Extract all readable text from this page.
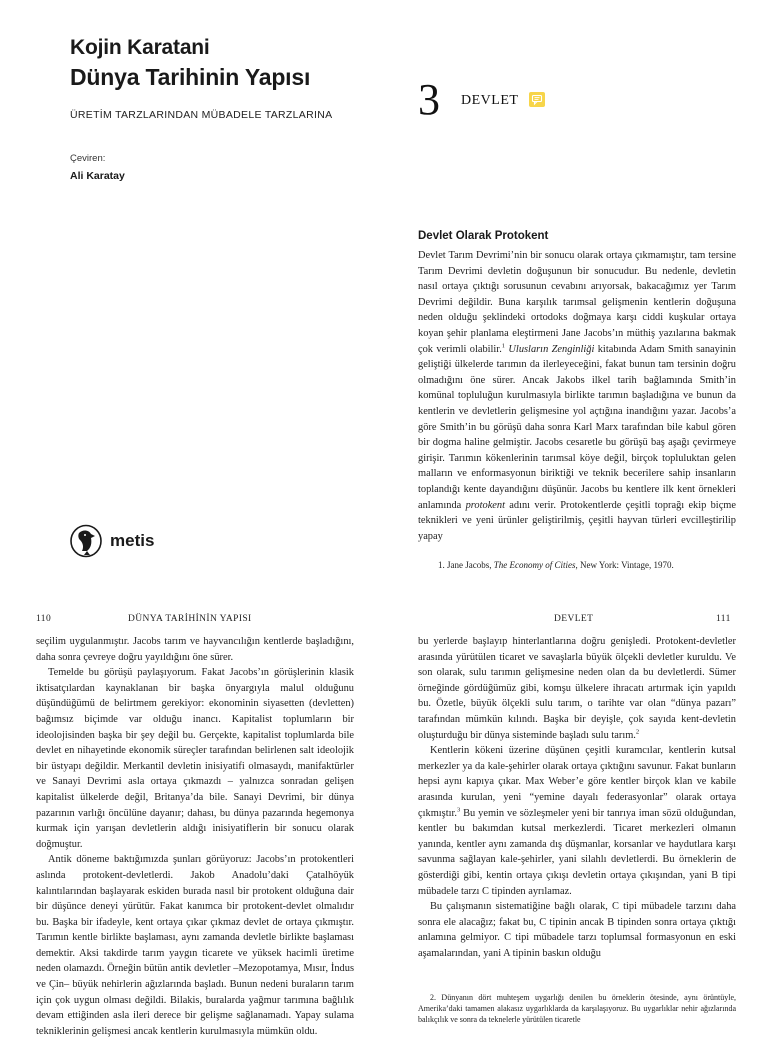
Kojin Karatani
Dünya Tarihinin Yapısı
ÜRETİM TARZLARINDAN MÜBADELE TARZLARINA
Çeviren:
Ali Karatay
metis
3 DEVLET
Devlet Olarak Protokent

Devlet Tarım Devrimi’nin bir sonucu olarak ortaya çıkmamıştır, tam tersine Tarım Devrimi devletin doğuşunun bir sonucudur. Bu nedenle, devletin nasıl ortaya çıktığı sorusunun cevabını arıyorsak, bakacağımız yer Tarım Devrimi değildir. Buna karşılık tarımsal gelişmenin kentlerin doğuşuna neden olduğu şeklindeki ortodoks doğmaya karşı ciddi kuşkular ortaya koyan şehir planlama eleştirmeni Jane Jacobs’ın müthiş yazılarına bakmak çok verimli olabilir.$^1$ Ulusların Zenginliği kitabında Adam Smith sanayinin geliştiği ülkelerde tarımın da ilerleyeceğini, fakat bunun tam tersinin doğru olmadığını öne sürer. Ancak Jakobs ilkel tarih bağlamında Smith’in komünal topluluğun kurulmasıyla birlikte tarımın başladığına ve bunun da kentlerin ve devletlerin gelişmesine yol açtığına inandığını yazar. Jacobs’a göre Smith’in bu görüşü daha sonra Karl Marx tarafından bile kabul gören bir dogma haline gelmiştir. Jacobs cesaretle bu görüşü baş aşağı çevirmeye girişir. Tarımın kökenlerinin tarımsal köye değil, birçok topluluktan gelen malların ve enformasyonun biriktiği ve teknik becerilere sahip insanların toplandığı kente dayandığını düşünür. Jacobs bu kentlere ilk kent örnekleri anlamında protokent adını verir. Protokentlerde çeşitli toprağı ekip biçme teknikleri ve yeni ürünler geliştirilmiş, çeşitli hayvan türleri evcilleştirilip yapay

1. Jane Jacobs, The Economy of Cities, New York: Vintage, 1970.
110	DÜNYA TARİHİNİN YAPISI	DEVLET	111

seçilim uygulanmıştır. Jacobs tarım ve hayvancılığın kentlerde başladığını, daha sonra çevreye doğru yayıldığını öne sürer.

Temelde bu görüşü paylaşıyorum. Fakat Jacobs’ın görüşlerinin klasik iktisatçılardan kaynaklanan bir başka önyargıyla malul olduğunu düşündüğümü de belirtmem gerekiyor: ekonominin siyasetten (devletten) bağımsız biçimde var olduğu inancı. Kapitalist toplumların bir ideolojisinden başka bir şey değil bu. Gerçekte, kapitalist toplumlarda bile devlet en nihayetinde ekonomik süreçler tarafından belirlenen salt ideolojik bir üstyapı değildir. Merkantil devletin inisiyatifi olmasaydı, manifaktürler ve Sanayi Devrimi asla ortaya çıkmazdı – yalnızca sonradan gelişen kapitalist ülkelerde değil, Britanya’da bile. Sanayi Devrimi, bir dünya pazarının varlığı öncülüne dayanır; dahası, bu dünya pazarında hegemonya kurmak için yarışan devletlerin aldığı inisiyatiflerin bir sonucu olarak doğmuştur.

Antik döneme baktığımızda şunları görüyoruz: Jacobs’ın protokentleri aslında protokent-devletlerdi. Jakob Anadolu’daki Çatalhöyük kalıntılarından başlayarak eskiden burada nasıl bir protokent olduğuna dair bir düşünce deneyi yürütür. Fakat kanımca bir protokent-devlet olmalıdır bu. Başka bir ifadeyle, kent ortaya çıkar çıkmaz devlet de ortaya çıkmıştır. Tarımın kentle birlikte başlaması, aynı zamanda devletle birlikte başlaması demektir. Aksi takdirde tarım yaygın ticarete ve yüksek hacimli üretime neden olamazdı. Örneğin bütün antik devletler –Mezopotamya, Mısır, İndus ve Çin– büyük nehirlerin ağızlarında başladı. Bunun nedeni buraların tarım için çok uygun olması değildi. Bilakis, buralarda yağmur tarımına bağlılık devam ettiğinden asla ileri derece bir gelişme sağlanamadı. Yapay sulama tekniklerinin gelişmesi ancak kentlerin kurulmasıyla mümkün oldu.

bu yerlerde başlayıp hinterlantlarına doğru genişledi. Protokent-devletler arasında yürütülen ticaret ve savaşlarla büyük ölçekli devletler kuruldu. Ve son olarak, sulu tarımın gelişmesine neden olan da bu devletlerdi. Sümer örneğinde gördüğümüz gibi, komşu ülkelere ihracatı artırmak için yapıldı bu. Özetle, büyük ölçekli sulu tarım, o tarihte var olan “dünya pazarı” tarafından mümkün kılındı. Başka bir deyişle, çok sayıda kent-devletin oluşturduğu bir dünya sisteminde başladı sulu tarım.$^2$

Kentlerin kökeni üzerine düşünen çeşitli kuramcılar, kentlerin kutsal merkezler ya da kale-şehirler olarak ortaya çıktığını savunur. Fakat bunların hepsi aynı kapıya çıkar. Max Weber’e göre kentler birçok klan ve kabile arasında kurulan, yeni “yemine dayalı federasyonlar” olarak ortaya çıkmıştır.$^3$ Bu yemin ve sözleşmeler yeni bir tanrıya iman sözü olduğundan, kentler bu bakımdan kutsal merkezlerdi. Ticaret merkezleri olmanın yanında, kentler aynı zamanda dış düşmanlar, korsanlar ve haydutlara karşı savunma sağlayan kale-şehirler, yani silahlı devletlerdi. Bu örneklerin de gösterdiği gibi, kentin ortaya çıkışı devletin ortaya çıkışından, yani B tipi mübadele tarzı C tipinden ayrılamaz.

Bu çalışmanın sistematiğine bağlı olarak, C tipi mübadele tarzını daha sonra ele alacağız; fakat bu, C tipinin ancak B tipinden sonra ortaya çıktığı anlamına gelmiyor. C tipi mübadele tarzı toplumsal formasyonun en eski aşamalarından, yani A tipinin baskın olduğu

2. Dünyanın dört muhteşem uygarlığı denilen bu örneklerin ötesinde, aynı örüntüyle, Amerika’daki tamamen alakasız uygarlıklarda da karşılaşıyoruz. Bu uygarlıklar nehir ağızlarında balıkçılık ve sonra da teknelerle yürütülen ticaretle
